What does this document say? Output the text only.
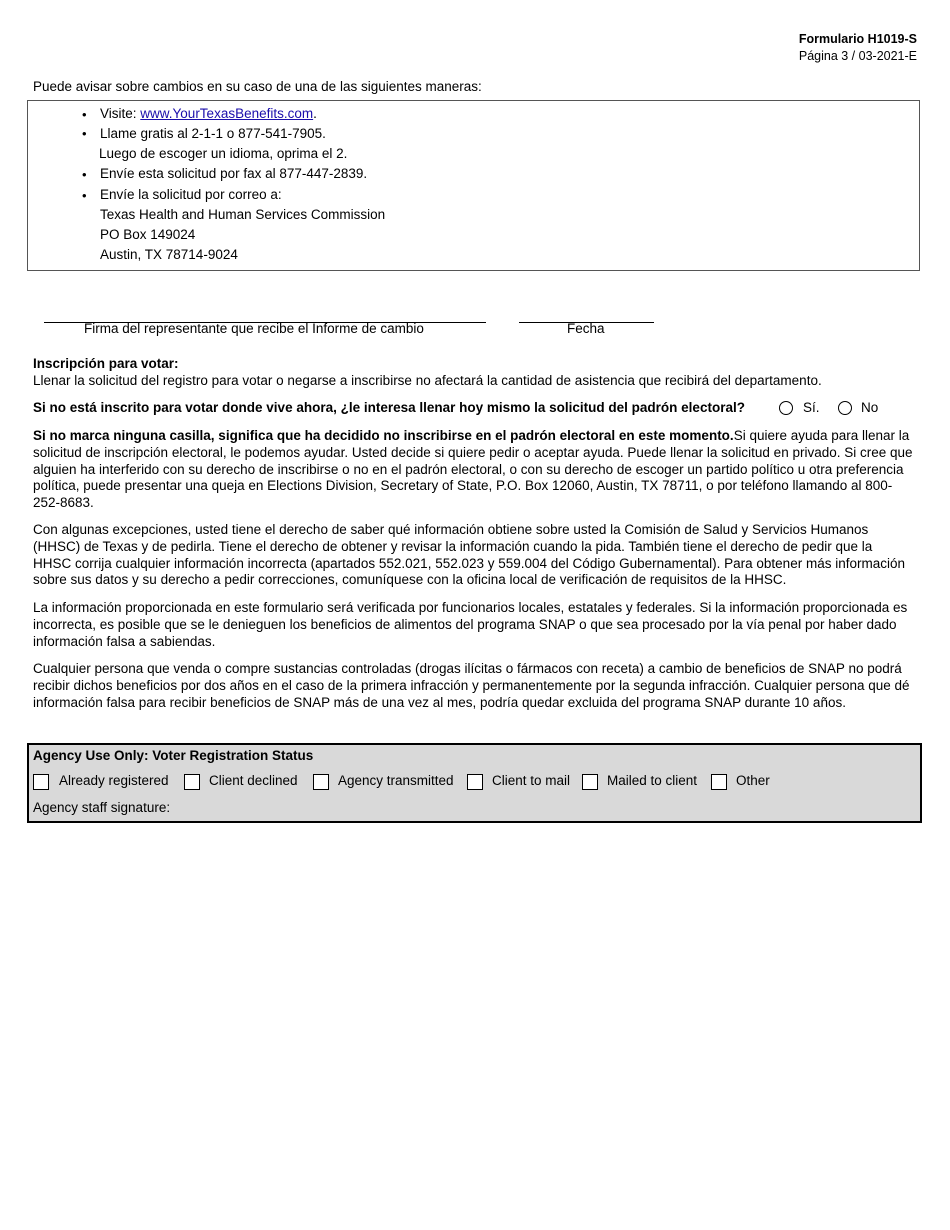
Formulario H1019-S
Página 3 / 03-2021-E
Puede avisar sobre cambios en su caso de una de las siguientes maneras:
• Visite: www.YourTexasBenefits.com.
• Llame gratis al 2-1-1 o 877-541-7905.
Luego de escoger un idioma, oprima el 2.
• Envíe esta solicitud por fax al 877-447-2839.
• Envíe la solicitud por correo a:
Texas Health and Human Services Commission
PO Box 149024
Austin, TX 78714-9024
Firma del representante que recibe el Informe de cambio	Fecha
Inscripción para votar:
Llenar la solicitud del registro para votar o negarse a inscribirse no afectará la cantidad de asistencia que recibirá del departamento.
Si no está inscrito para votar donde vive ahora, ¿le interesa llenar hoy mismo la solicitud del padrón electoral?	Sí.	No
Si no marca ninguna casilla, significa que ha decidido no inscribirse en el padrón electoral en este momento.Si quiere ayuda para llenar la solicitud de inscripción electoral, le podemos ayudar. Usted decide si quiere pedir o aceptar ayuda. Puede llenar la solicitud en privado. Si cree que alguien ha interferido con su derecho de inscribirse o no en el padrón electoral, o con su derecho de escoger un partido político u otra preferencia política, puede presentar una queja en Elections Division, Secretary of State, P.O. Box 12060, Austin, TX 78711, o por teléfono llamando al 800-252-8683.
Con algunas excepciones, usted tiene el derecho de saber qué información obtiene sobre usted la Comisión de Salud y Servicios Humanos (HHSC) de Texas y de pedirla. Tiene el derecho de obtener y revisar la información cuando la pida. También tiene el derecho de pedir que la HHSC corrija cualquier información incorrecta (apartados 552.021, 552.023 y 559.004 del Código Gubernamental). Para obtener más información sobre sus datos y su derecho a pedir correcciones, comuníquese con la oficina local de verificación de requisitos de la HHSC.
La información proporcionada en este formulario será verificada por funcionarios locales, estatales y federales. Si la información proporcionada es incorrecta, es posible que se le denieguen los beneficios de alimentos del programa SNAP o que sea procesado por la vía penal por haber dado información falsa a sabiendas.
Cualquier persona que venda o compre sustancias controladas (drogas ilícitas o fármacos con receta) a cambio de beneficios de SNAP no podrá recibir dichos beneficios por dos años en el caso de la primera infracción y permanentemente por la segunda infracción. Cualquier persona que dé información falsa para recibir beneficios de SNAP más de una vez al mes, podría quedar excluida del programa SNAP durante 10 años.
Agency Use Only: Voter Registration Status
Already registered	Client declined	Agency transmitted	Client to mail	Mailed to client	Other
Agency staff signature:
